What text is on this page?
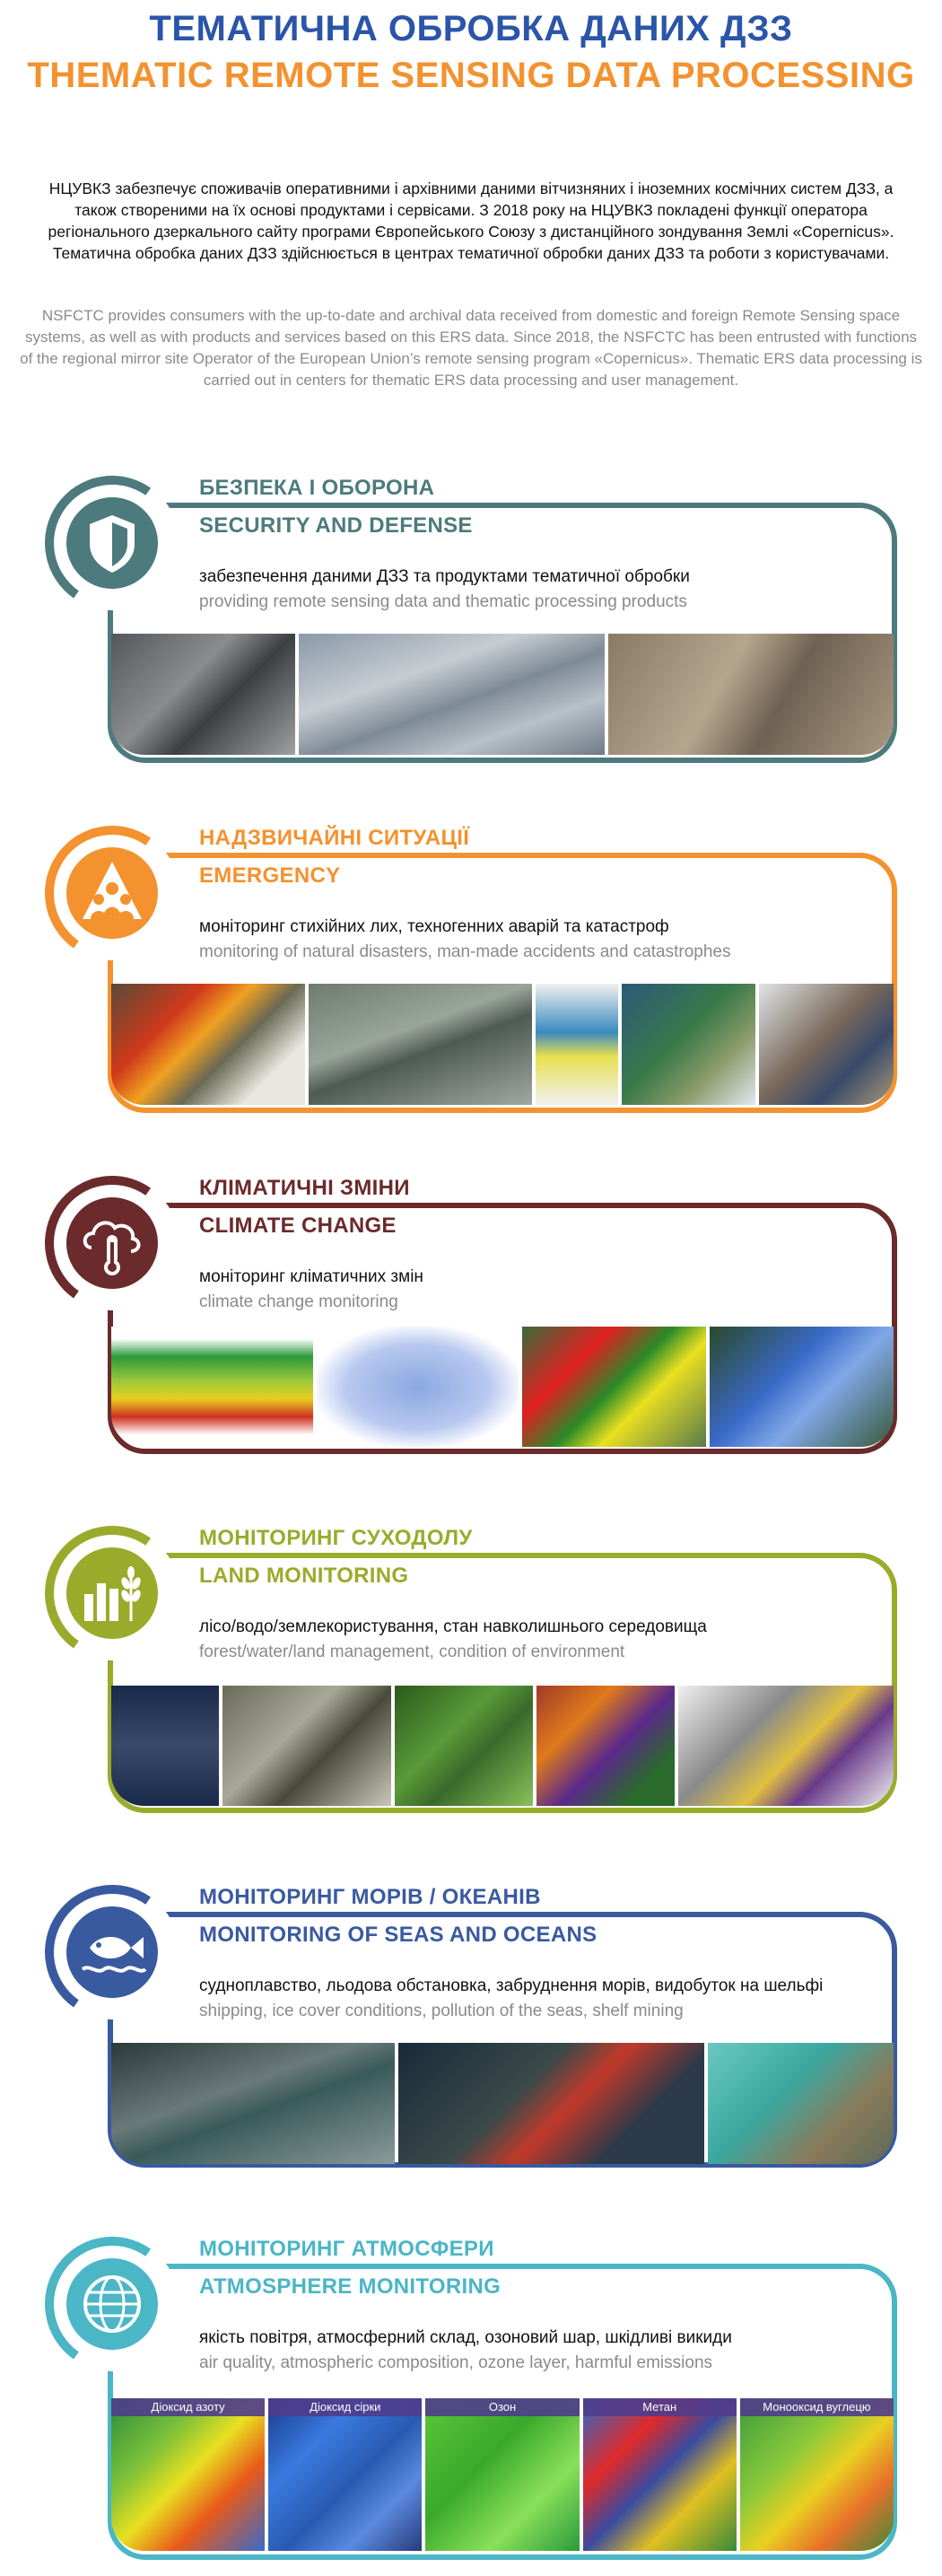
ТЕМАТИЧНА ОБРОБКА ДАНИХ ДЗЗ
THEMATIC REMOTE SENSING DATA PROCESSING
НЦУВКЗ забезпечує споживачів оперативними і архівними даними вітчизняних і іноземних космічних систем ДЗЗ, а також створеними на їх основі продуктами і сервісами. З 2018 року на НЦУВКЗ покладені функції оператора регіонального дзеркального сайту програми Європейського Союзу з дистанційного зондування Землі «Copernicus». Тематична обробка даних ДЗЗ здійснюється в центрах тематичної обробки даних ДЗЗ та роботи з користувачами.
NSFCTC provides consumers with the up-to-date and archival data received from domestic and foreign Remote Sensing space systems, as well as with products and services based on this ERS data. Since 2018, the NSFCTC has been entrusted with functions of the regional mirror site Operator of the European Union’s remote sensing program «Copernicus». Thematic ERS data processing is carried out in centers for thematic ERS data processing and user management.
БЕЗПЕКА І ОБОРОНА
SECURITY AND DEFENSE
забезпечення даними ДЗЗ та продуктами тематичної обробки
providing remote sensing data and thematic processing products
НАДЗВИЧАЙНІ СИТУАЦІЇ
EMERGENCY
моніторинг стихійних лих, техногенних аварій та катастроф
monitoring of natural disasters, man-made accidents and catastrophes
КЛІМАТИЧНІ ЗМІНИ
CLIMATE CHANGE
моніторинг кліматичних змін
climate change monitoring
МОНІТОРИНГ СУХОДОЛУ
LAND MONITORING
лісо/водо/землекористування, стан навколишнього середовища
forest/water/land management, condition of environment
МОНІТОРИНГ МОРІВ / ОКЕАНІВ
MONITORING OF SEAS AND OCEANS
судноплавство, льодова обстановка, забруднення морів, видобуток на шельфі
shipping, ice cover conditions, pollution of the seas, shelf mining
МОНІТОРИНГ АТМОСФЕРИ
ATMOSPHERE MONITORING
якість повітря, атмосферний склад, озоновий шар, шкідливі викиди
air quality, atmospheric composition, ozone layer, harmful emissions
Діоксид азоту	Діоксид сірки	Озон	Метан	Монооксид вуглецю
